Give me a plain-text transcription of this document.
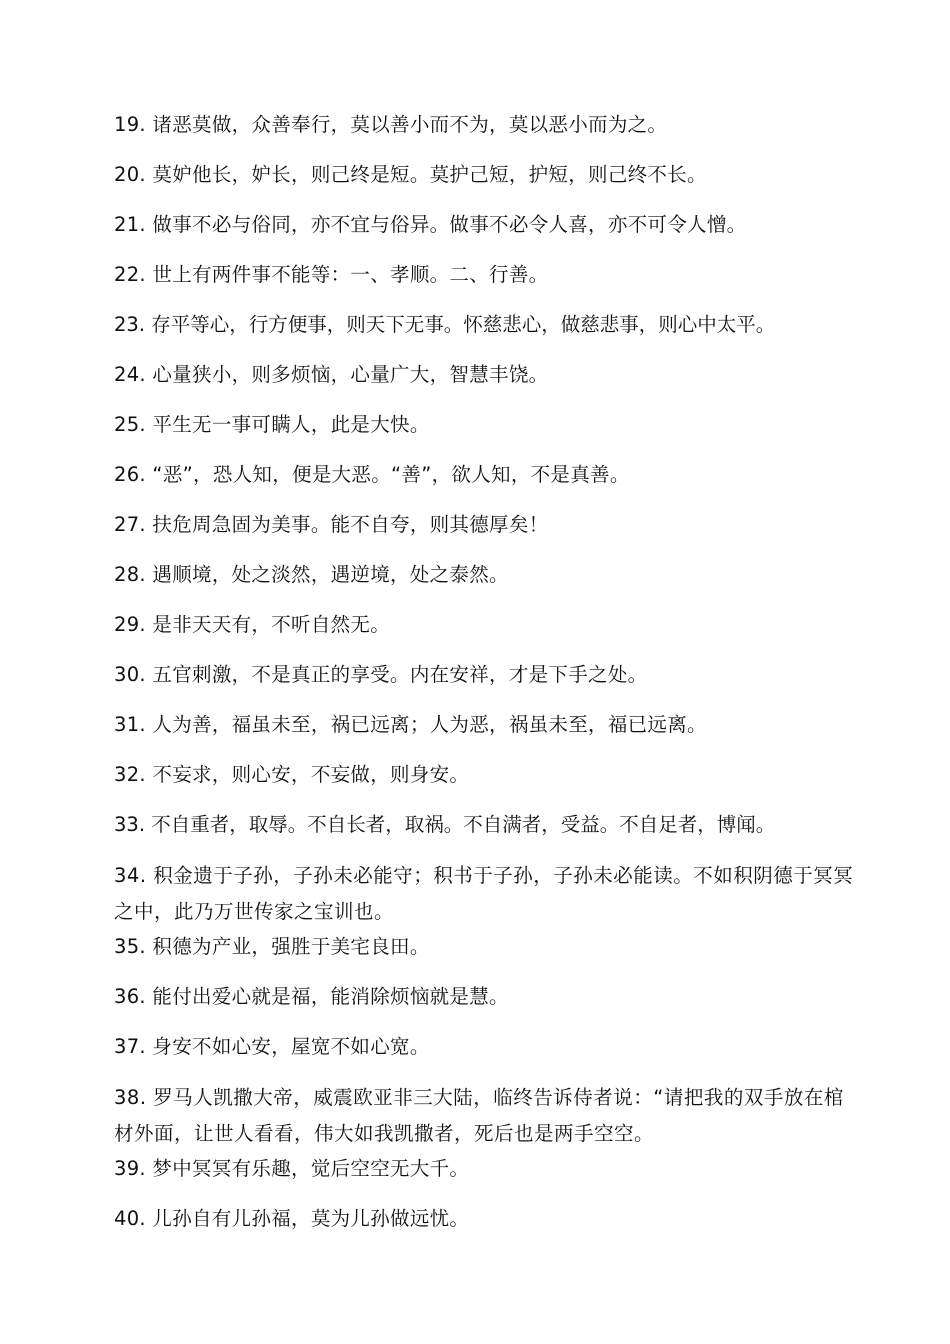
19. 诸恶莫做，众善奉行，莫以善小而不为，莫以恶小而为之。
20. 莫妒他长，妒长，则己终是短。莫护己短，护短，则己终不长。
21. 做事不必与俗同，亦不宜与俗异。做事不必令人喜，亦不可令人憎。
22. 世上有两件事不能等：一、孝顺。二、行善。
23. 存平等心，行方便事，则天下无事。怀慈悲心，做慈悲事，则心中太平。
24. 心量狭小，则多烦恼，心量广大，智慧丰饶。
25. 平生无一事可瞒人，此是大快。
26. “恶”，恐人知，便是大恶。“善”，欲人知，不是真善。
27. 扶危周急固为美事。能不自夸，则其德厚矣！
28. 遇顺境，处之淡然，遇逆境，处之泰然。
29. 是非天天有，不听自然无。
30. 五官刺激，不是真正的享受。内在安祥，才是下手之处。
31. 人为善，福虽未至，祸已远离；人为恶，祸虽未至，福已远离。
32. 不妄求，则心安，不妄做，则身安。
33. 不自重者，取辱。不自长者，取祸。不自满者，受益。不自足者，博闻。
34. 积金遗于子孙，子孙未必能守；积书于子孙，子孙未必能读。不如积阴德于冥冥之中，此乃万世传家之宝训也。
35. 积德为产业，强胜于美宅良田。
36. 能付出爱心就是福，能消除烦恼就是慧。
37. 身安不如心安，屋宽不如心宽。
38. 罗马人凯撒大帝，威震欧亚非三大陆，临终告诉侍者说：“请把我的双手放在棺材外面，让世人看看，伟大如我凯撒者，死后也是两手空空。
39. 梦中冥冥有乐趣，觉后空空无大千。
40. 儿孙自有儿孙福，莫为儿孙做远忧。
